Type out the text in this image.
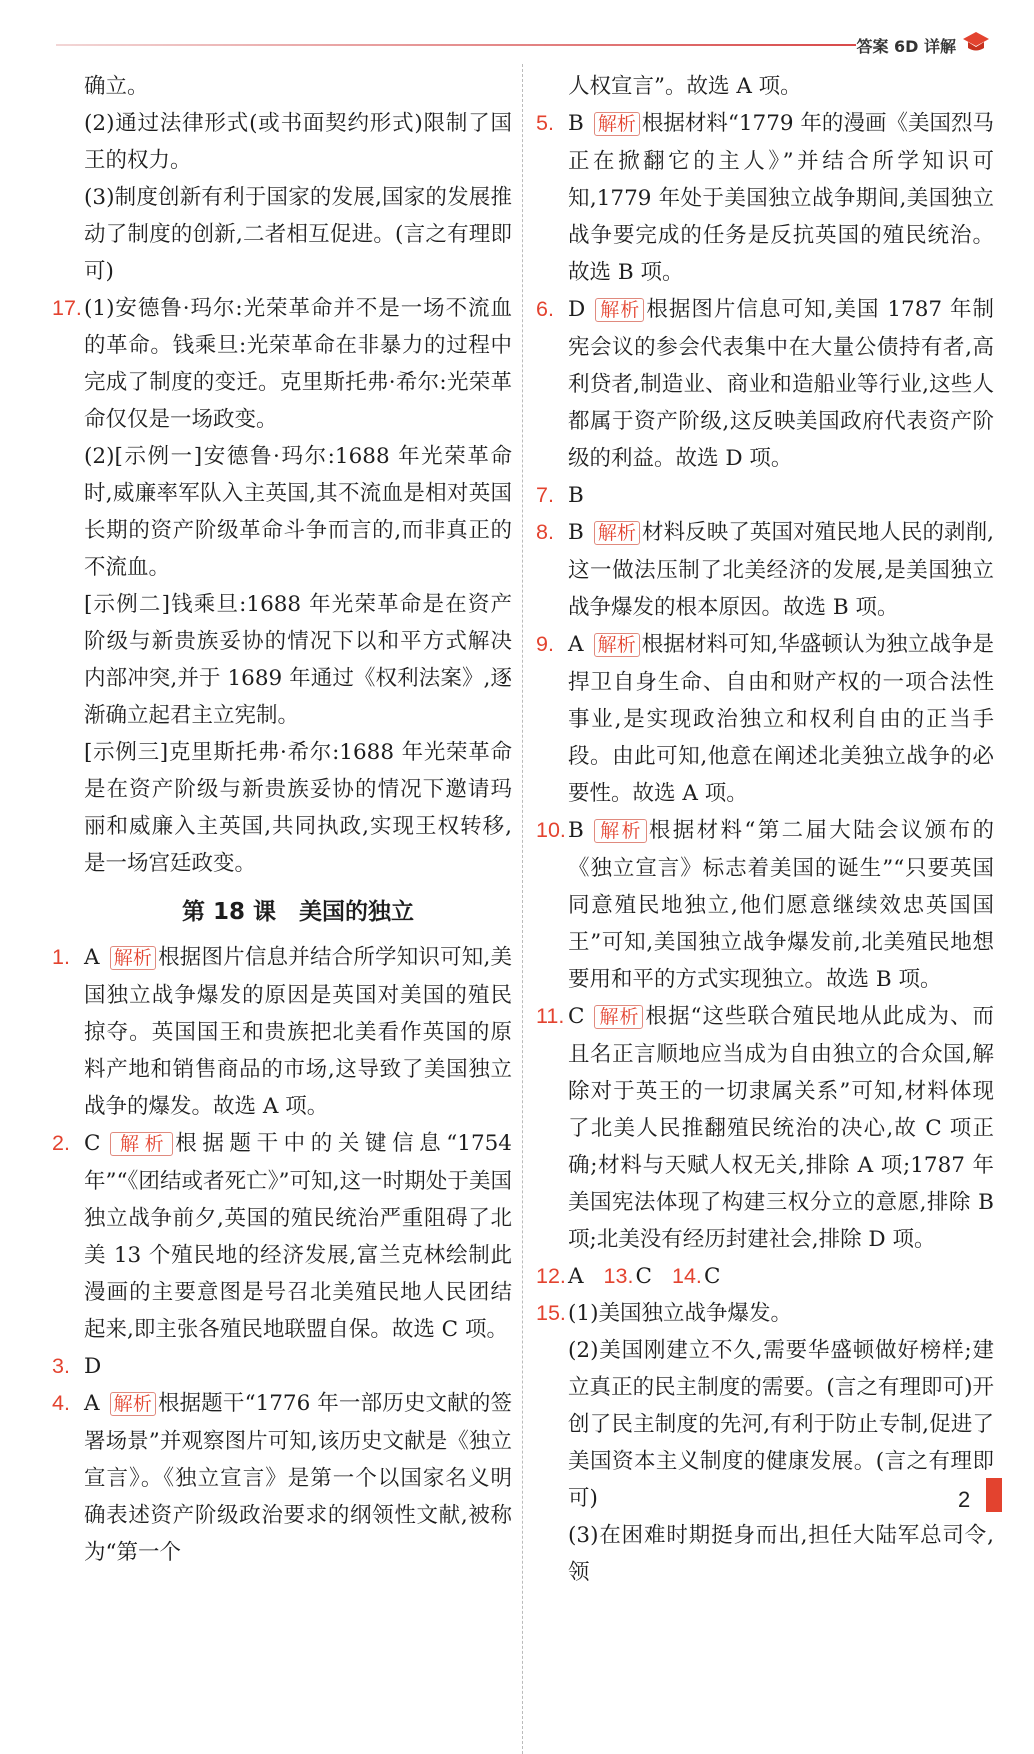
答案 6D 详解

确立。

(2)通过法律形式(或书面契约形式)限制了国王的权力。

(3)制度创新有利于国家的发展,国家的发展推动了制度的创新,二者相互促进。(言之有理即可)

17.(1)安德鲁·玛尔:光荣革命并不是一场不流血的革命。钱乘旦:光荣革命在非暴力的过程中完成了制度的变迁。克里斯托弗·希尔:光荣革命仅仅是一场政变。

(2)[示例一]安德鲁·玛尔:1688 年光荣革命时,威廉率军队入主英国,其不流血是相对英国长期的资产阶级革命斗争而言的,而非真正的不流血。

[示例二]钱乘旦:1688 年光荣革命是在资产阶级与新贵族妥协的情况下以和平方式解决内部冲突,并于 1689 年通过《权利法案》,逐渐确立起君主立宪制。

[示例三]克里斯托弗·希尔:1688 年光荣革命是在资产阶级与新贵族妥协的情况下邀请玛丽和威廉入主英国,共同执政,实现王权转移,是一场宫廷政变。

第 18 课　美国的独立

1. A 解析 根据图片信息并结合所学知识可知,美国独立战争爆发的原因是英国对美国的殖民掠夺。英国国王和贵族把北美看作英国的原料产地和销售商品的市场,这导致了美国独立战争的爆发。故选 A 项。

2. C 解析 根据题干中的关键信息“1754 年”“《团结或者死亡》”可知,这一时期处于美国独立战争前夕,英国的殖民统治严重阻碍了北美 13 个殖民地的经济发展,富兰克林绘制此漫画的主要意图是号召北美殖民地人民团结起来,即主张各殖民地联盟自保。故选 C 项。

3. D

4. A 解析 根据题干“1776 年一部历史文献的签署场景”并观察图片可知,该历史文献是《独立宣言》。《独立宣言》是第一个以国家名义明确表述资产阶级政治要求的纲领性文献,被称为“第一个

人权宣言”。故选 A 项。

5. B 解析 根据材料“1779 年的漫画《美国烈马正在掀翻它的主人》”并结合所学知识可知,1779 年处于美国独立战争期间,美国独立战争要完成的任务是反抗英国的殖民统治。故选 B 项。

6. D 解析 根据图片信息可知,美国 1787 年制宪会议的参会代表集中在大量公债持有者,高利贷者,制造业、商业和造船业等行业,这些人都属于资产阶级,这反映美国政府代表资产阶级的利益。故选 D 项。

7. B

8. B 解析 材料反映了英国对殖民地人民的剥削,这一做法压制了北美经济的发展,是美国独立战争爆发的根本原因。故选 B 项。

9. A 解析 根据材料可知,华盛顿认为独立战争是捍卫自身生命、自由和财产权的一项合法性事业,是实现政治独立和权利自由的正当手段。由此可知,他意在阐述北美独立战争的必要性。故选 A 项。

10.B 解析 根据材料“第二届大陆会议颁布的《独立宣言》标志着美国的诞生”“只要英国同意殖民地独立,他们愿意继续效忠英国国王”可知,美国独立战争爆发前,北美殖民地想要用和平的方式实现独立。故选 B 项。

11. C 解析 根据“这些联合殖民地从此成为、而且名正言顺地应当成为自由独立的合众国,解除对于英王的一切隶属关系”可知,材料体现了北美人民推翻殖民统治的决心,故 C 项正确;材料与天赋人权无关,排除 A 项;1787 年美国宪法体现了构建三权分立的意愿,排除 B 项;北美没有经历封建社会,排除 D 项。

12.A 13.C 14.C

15.(1)美国独立战争爆发。

(2)美国刚建立不久,需要华盛顿做好榜样;建立真正的民主制度的需要。(言之有理即可)开创了民主制度的先河,有利于防止专制,促进了美国资本主义制度的健康发展。(言之有理即可)

(3)在困难时期挺身而出,担任大陆军总司令,领

2
